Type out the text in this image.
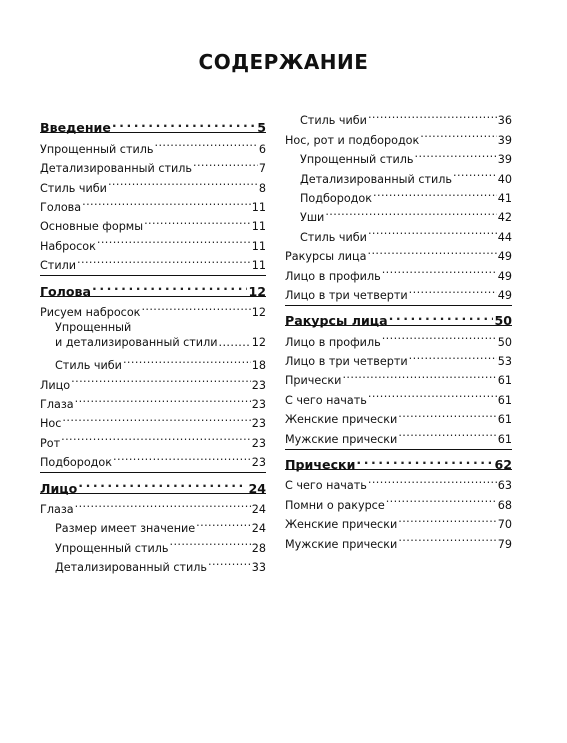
СОДЕРЖАНИЕ
Введение .....	5
Упрощенный стиль .....	6
Детализированный стиль .....	7
Стиль чиби .....	8
Голова .....	11
Основные формы .....	11
Набросок .....	11
Стили .....	11
Голова .....	12
Рисуем набросок .....	12
Упрощенный
и детализированный стили .....	12
Стиль чиби .....	18
Лицо .....	23
Глаза .....	23
Нос .....	23
Рот .....	23
Подбородок .....	23
Лицо .....	24
Глаза .....	24
Размер имеет значение .....	24
Упрощенный стиль .....	28
Детализированный стиль .....	33
Стиль чиби .....	36
Нос, рот и подбородок .....	39
Упрощенный стиль .....	39
Детализированный стиль .....	40
Подбородок .....	41
Уши .....	42
Стиль чиби .....	44
Ракурсы лица .....	49
Лицо в профиль .....	49
Лицо в три четверти .....	49
Ракурсы лица .....	50
Лицо в профиль .....	50
Лицо в три четверти .....	53
Прически .....	61
С чего начать .....	61
Женские прически .....	61
Мужские прически .....	61
Прически .....	62
С чего начать .....	63
Помни о ракурсе .....	68
Женские прически .....	70
Мужские прически .....	79
